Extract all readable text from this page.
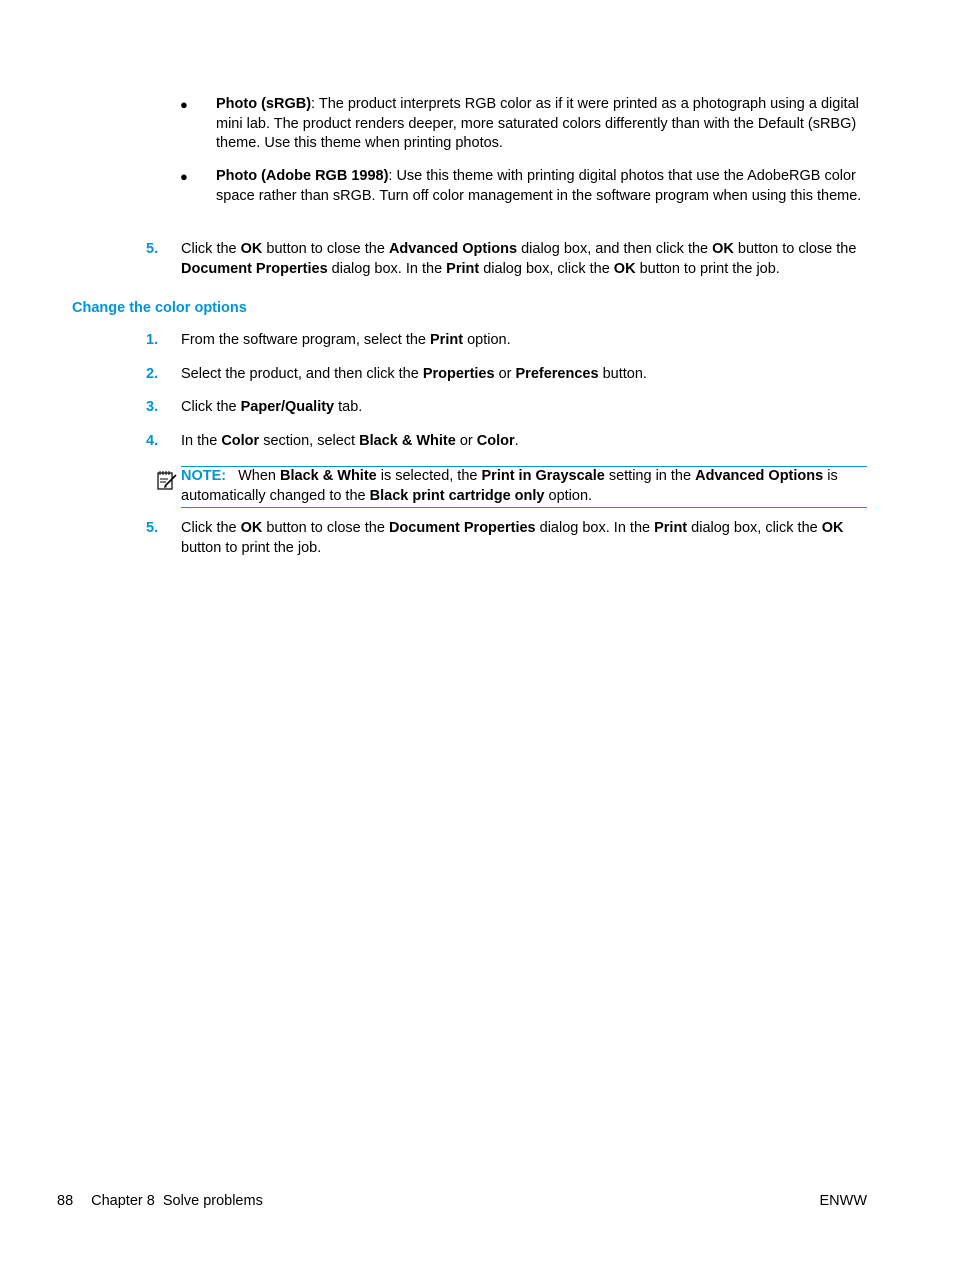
● Photo (sRGB): The product interprets RGB color as if it were printed as a photograph using a digital mini lab. The product renders deeper, more saturated colors differently than with the Default (sRBG) theme. Use this theme when printing photos.
● Photo (Adobe RGB 1998): Use this theme with printing digital photos that use the AdobeRGB color space rather than sRGB. Turn off color management in the software program when using this theme.
5. Click the OK button to close the Advanced Options dialog box, and then click the OK button to close the
Document Properties dialog box. In the Print dialog box, click the OK button to print the job.
Change the color options
1. From the software program, select the Print option.
2. Select the product, and then click the Properties or Preferences button.
3. Click the Paper/Quality tab.
4. In the Color section, select Black & White or Color.
NOTE: When Black & White is selected, the Print in Grayscale setting in the Advanced Options is automatically changed to the Black print cartridge only option.
5. Click the OK button to close the Document Properties dialog box. In the Print dialog box, click the OK
button to print the job.
88 Chapter 8 Solve problems	ENWW
